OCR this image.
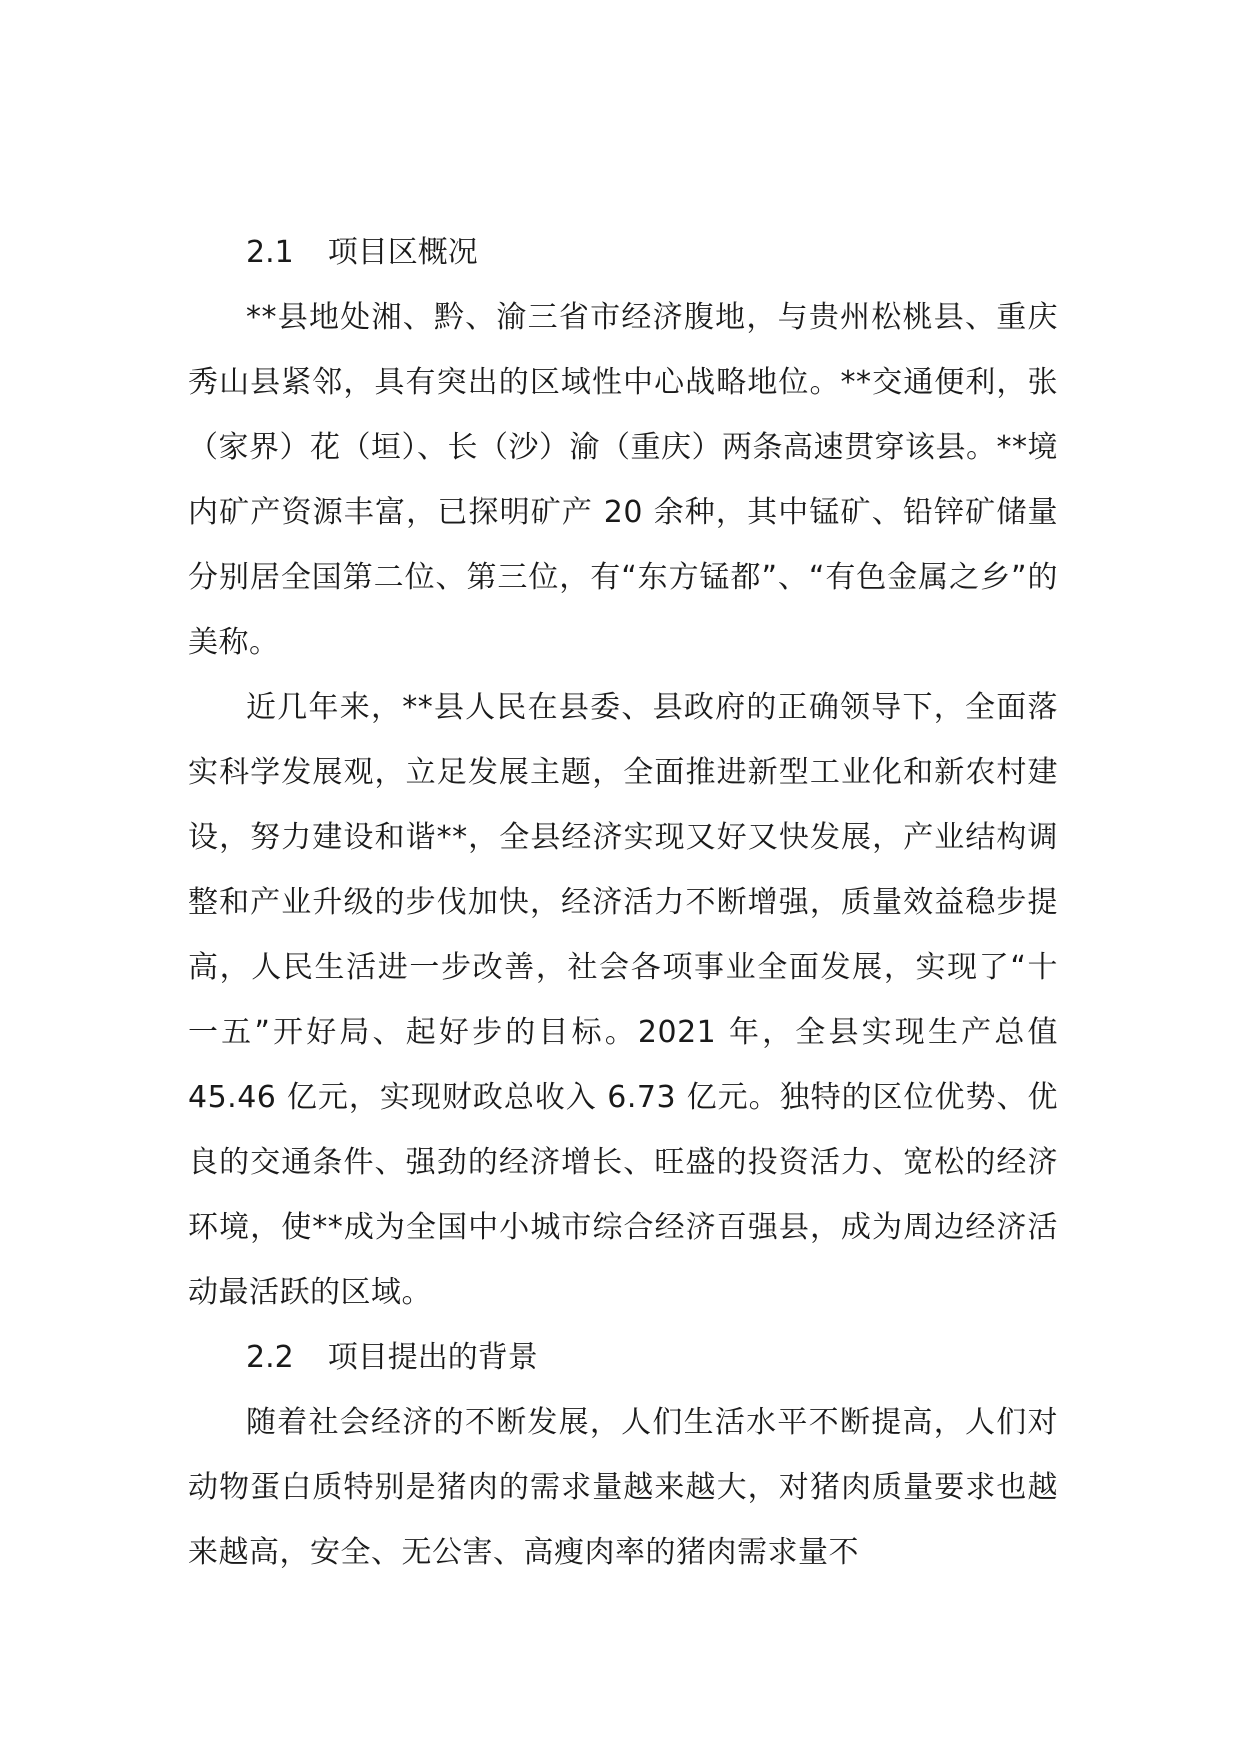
2.1 项目区概况

**县地处湘、黔、渝三省市经济腹地，与贵州松桃县、重庆秀山县紧邻，具有突出的区域性中心战略地位。**交通便利，张（家界）花（垣）、长（沙）渝（重庆）两条高速贯穿该县。**境内矿产资源丰富，已探明矿产 20 余种，其中锰矿、铅锌矿储量分别居全国第二位、第三位，有“东方锰都”、“有色金属之乡”的美称。

近几年来，**县人民在县委、县政府的正确领导下，全面落实科学发展观，立足发展主题，全面推进新型工业化和新农村建设，努力建设和谐**，全县经济实现又好又快发展，产业结构调整和产业升级的步伐加快，经济活力不断增强，质量效益稳步提高，人民生活进一步改善，社会各项事业全面发展，实现了“十一五”开好局、起好步的目标。2021 年，全县实现生产总值 45.46 亿元，实现财政总收入 6.73 亿元。独特的区位优势、优良的交通条件、强劲的经济增长、旺盛的投资活力、宽松的经济环境，使**成为全国中小城市综合经济百强县，成为周边经济活动最活跃的区域。

2.2 项目提出的背景

随着社会经济的不断发展，人们生活水平不断提高，人们对动物蛋白质特别是猪肉的需求量越来越大，对猪肉质量要求也越来越高，安全、无公害、高瘦肉率的猪肉需求量不
